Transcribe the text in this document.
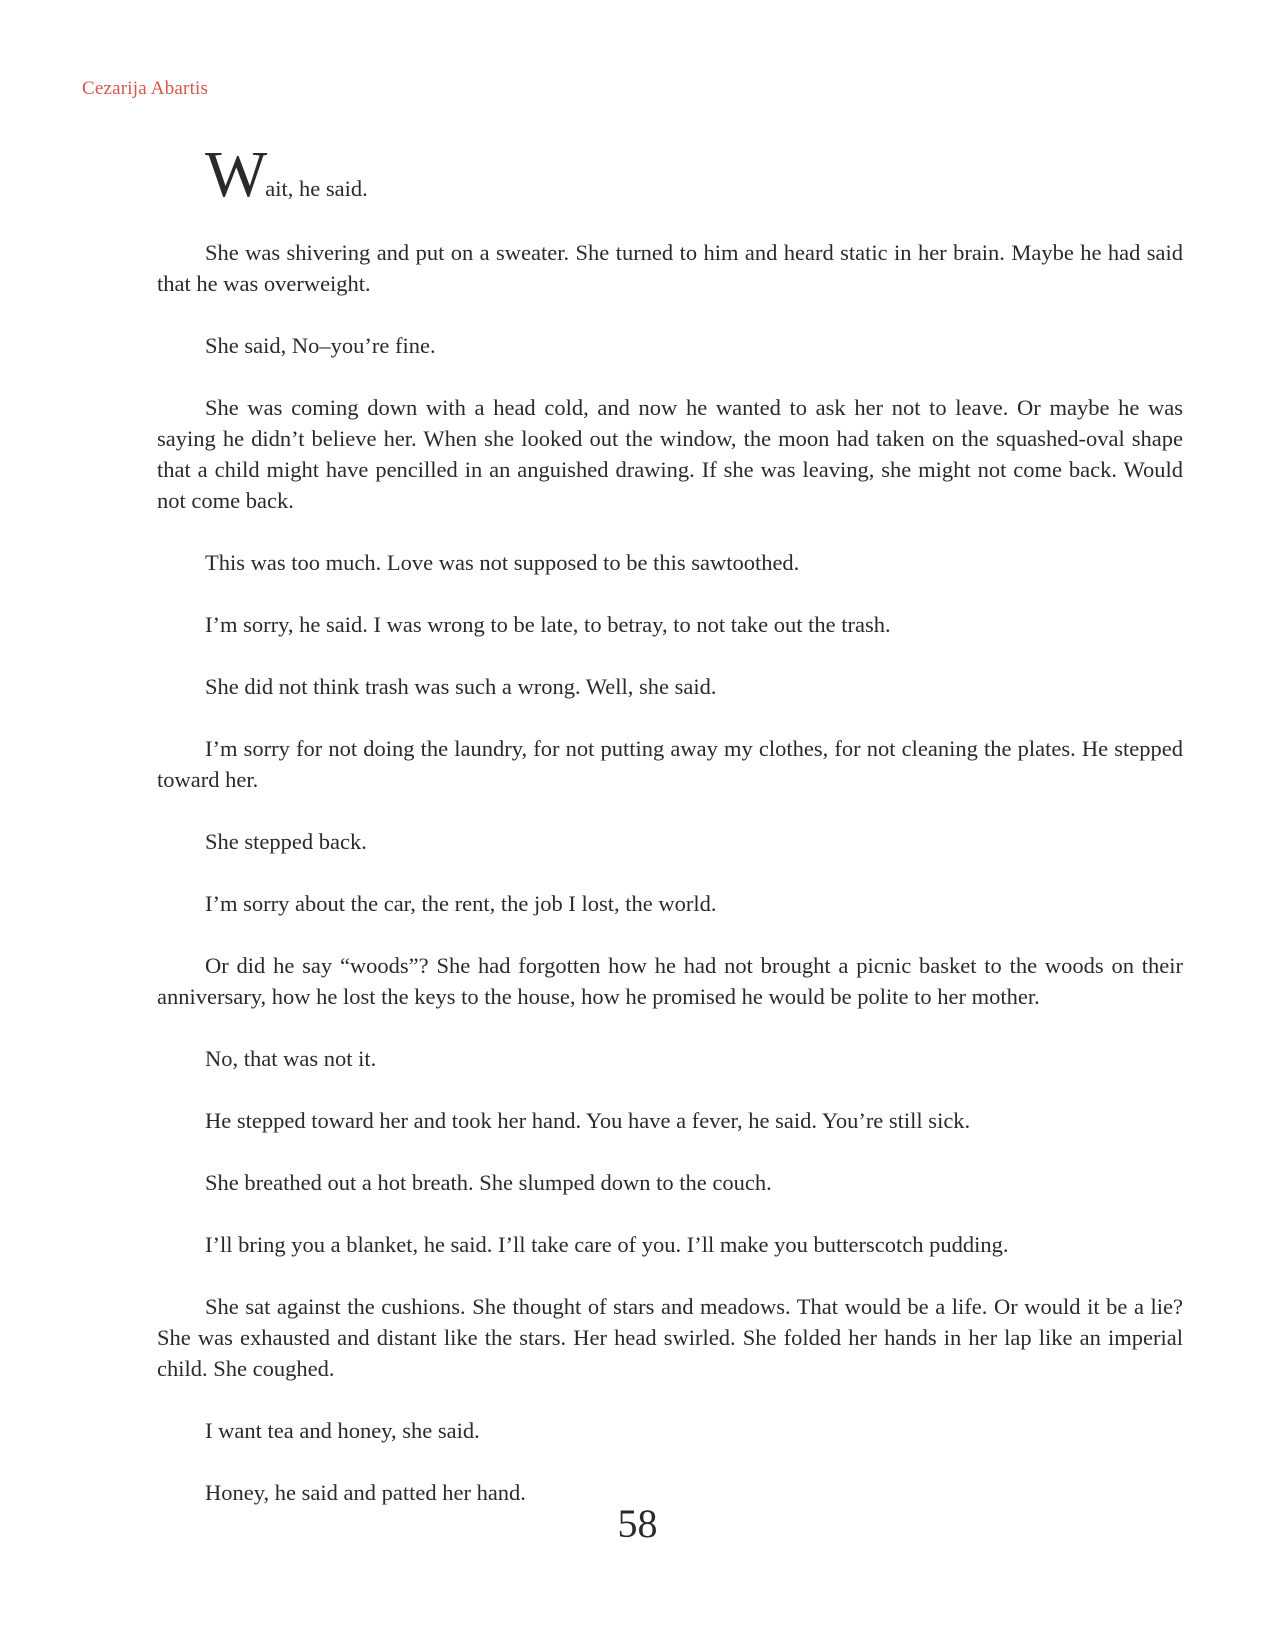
Cezarija Abartis

Wait, he said.

She was shivering and put on a sweater. She turned to him and heard static in her brain. Maybe he had said that he was overweight.

She said, No–you’re fine.

She was coming down with a head cold, and now he wanted to ask her not to leave. Or maybe he was saying he didn’t believe her. When she looked out the window, the moon had taken on the squashed-oval shape that a child might have pencilled in an anguished drawing. If she was leaving, she might not come back. Would not come back.

This was too much. Love was not supposed to be this sawtoothed.

I’m sorry, he said. I was wrong to be late, to betray, to not take out the trash.

She did not think trash was such a wrong. Well, she said.

I’m sorry for not doing the laundry, for not putting away my clothes, for not cleaning the plates. He stepped toward her.

She stepped back.

I’m sorry about the car, the rent, the job I lost, the world.

Or did he say “woods”? She had forgotten how he had not brought a picnic basket to the woods on their anniversary, how he lost the keys to the house, how he promised he would be polite to her mother.

No, that was not it.

He stepped toward her and took her hand. You have a fever, he said. You’re still sick.

She breathed out a hot breath. She slumped down to the couch.

I’ll bring you a blanket, he said. I’ll take care of you. I’ll make you butterscotch pudding.

She sat against the cushions. She thought of stars and meadows. That would be a life. Or would it be a lie? She was exhausted and distant like the stars. Her head swirled. She folded her hands in her lap like an imperial child. She coughed.

I want tea and honey, she said.

Honey, he said and patted her hand.

58
